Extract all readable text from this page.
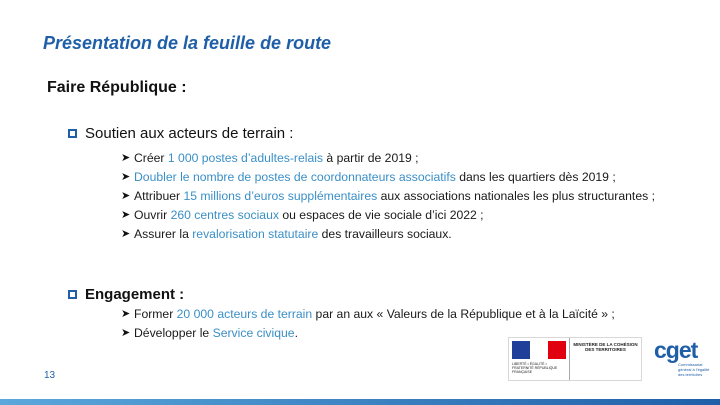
Présentation de la feuille de route
Faire République :
Soutien aux acteurs de terrain :
➤ Créer 1 000 postes d’adultes-relais à partir de 2019 ;
➤ Doubler le nombre de postes de coordonnateurs associatifs dans les quartiers dès 2019 ;
➤ Attribuer 15 millions d’euros supplémentaires aux associations nationales les plus structurantes ;
➤ Ouvrir 260 centres sociaux ou espaces de vie sociale d’ici 2022 ;
➤ Assurer la revalorisation statutaire des travailleurs sociaux.
Engagement :
➤ Former 20 000 acteurs de terrain par an aux « Valeurs de la République et à la Laïcité » ;
➤ Développer le Service civique.
13
LIBERTÉ • ÉGALITÉ • FRATERNITÉ RÉPUBLIQUE FRANÇAISE
MINISTÈRE DE LA COHÉSION DES TERRITOIRES	cget
Commissariat général à l’égalité des territoires
